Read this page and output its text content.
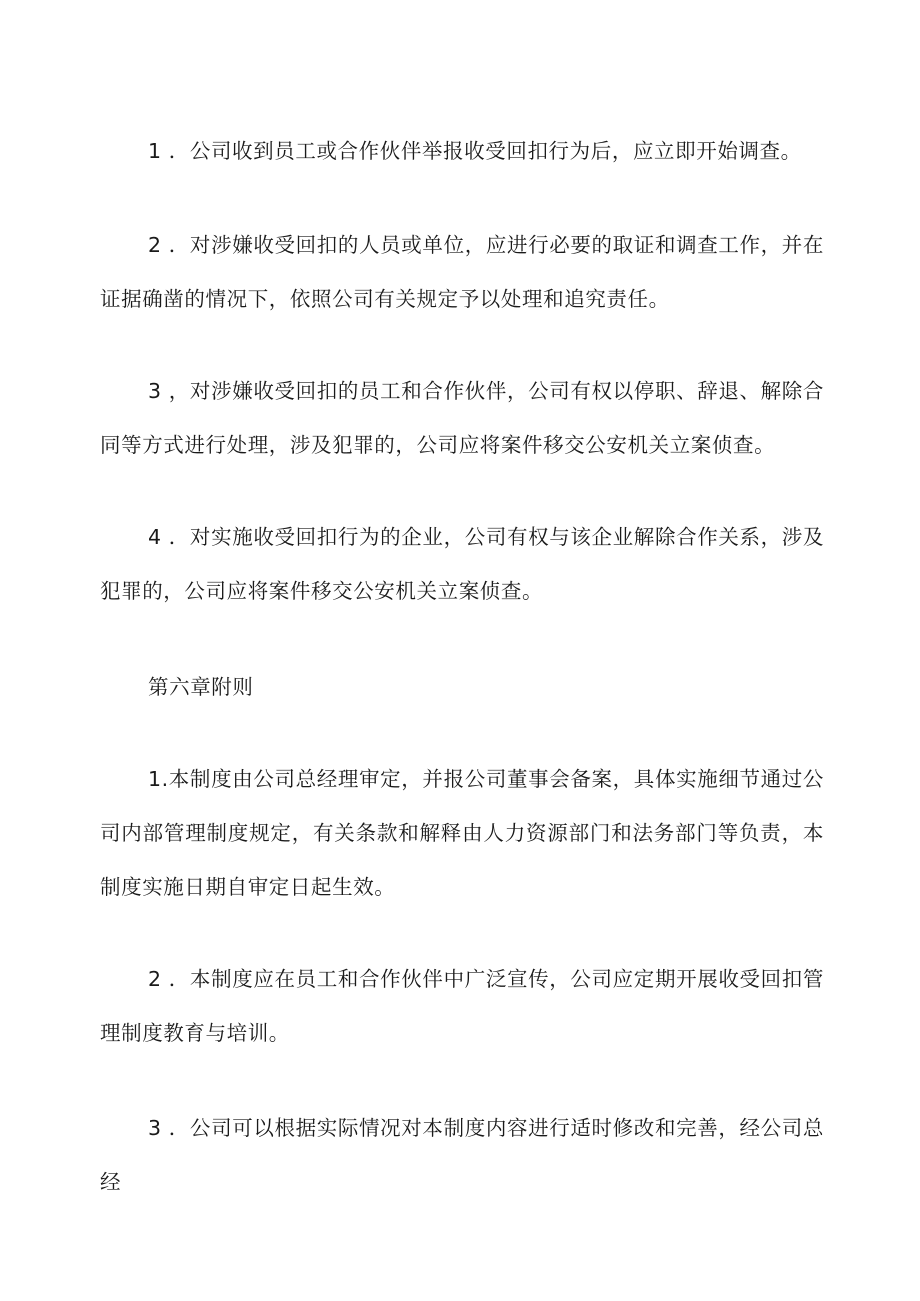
1 ．公司收到员工或合作伙伴举报收受回扣行为后，应立即开始调查。

2 ．对涉嫌收受回扣的人员或单位，应进行必要的取证和调查工作，并在证据确凿的情况下，依照公司有关规定予以处理和追究责任。

3 ，对涉嫌收受回扣的员工和合作伙伴，公司有权以停职、辞退、解除合同等方式进行处理，涉及犯罪的，公司应将案件移交公安机关立案侦查。

4 ．对实施收受回扣行为的企业，公司有权与该企业解除合作关系，涉及犯罪的，公司应将案件移交公安机关立案侦查。

第六章附则

1.本制度由公司总经理审定，并报公司董事会备案，具体实施细节通过公司内部管理制度规定，有关条款和解释由人力资源部门和法务部门等负责，本制度实施日期自审定日起生效。

2 ．本制度应在员工和合作伙伴中广泛宣传，公司应定期开展收受回扣管理制度教育与培训。

3 ．公司可以根据实际情况对本制度内容进行适时修改和完善，经公司总经
